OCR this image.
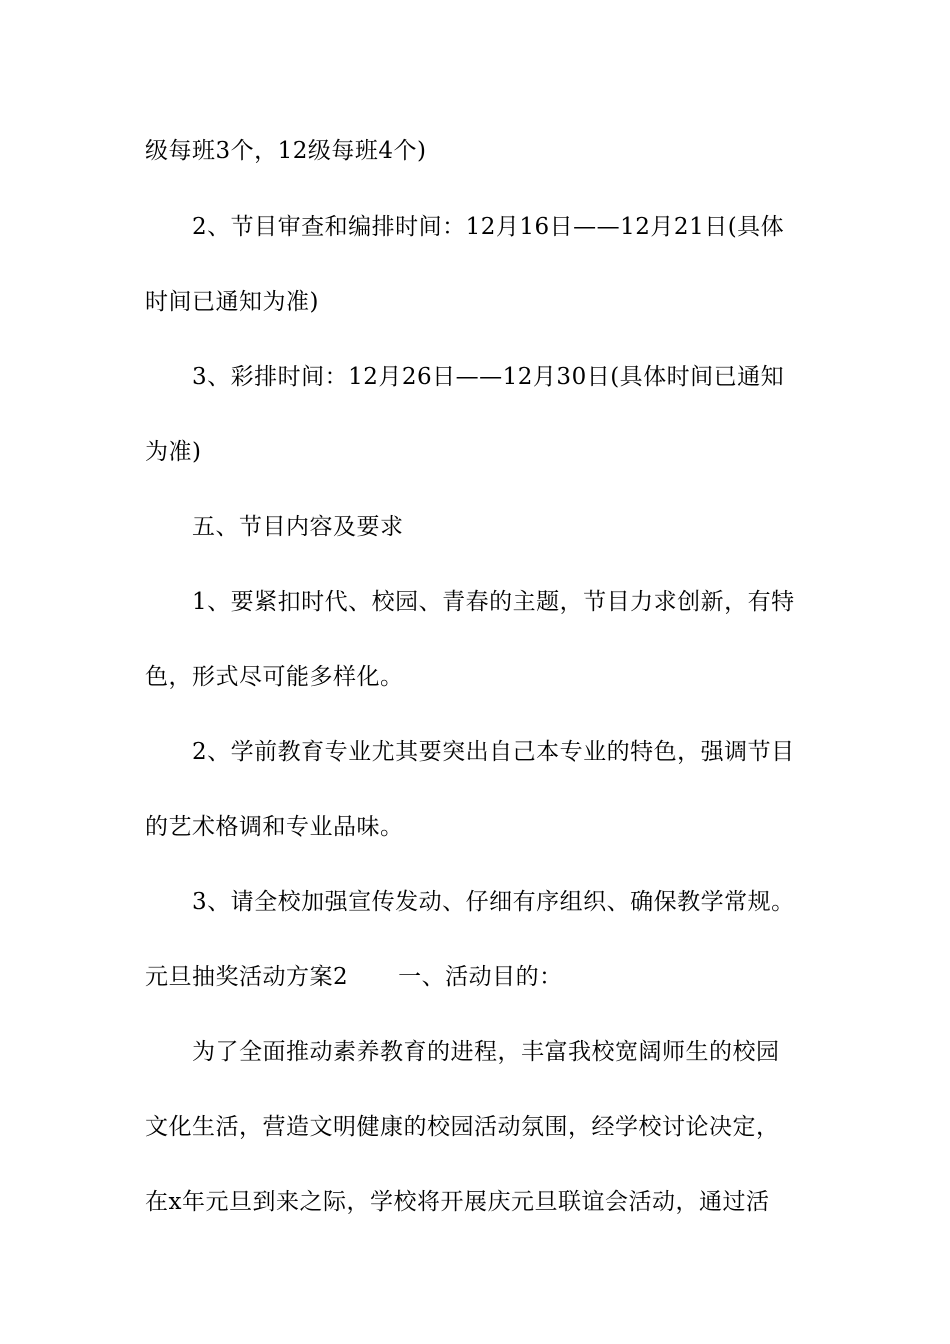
级每班3个，12级每班4个)
2、节目审查和编排时间：12月16日——12月21日(具体
时间已通知为准)
3、彩排时间：12月26日——12月30日(具体时间已通知
为准)
五、节目内容及要求
1、要紧扣时代、校园、青春的主题，节目力求创新，有特
色，形式尽可能多样化。
2、学前教育专业尤其要突出自己本专业的特色，强调节目
的艺术格调和专业品味。
3、请全校加强宣传发动、仔细有序组织、确保教学常规。
元旦抽奖活动方案2 一、活动目的：
为了全面推动素养教育的进程，丰富我校宽阔师生的校园
文化生活，营造文明健康的校园活动氛围，经学校讨论决定，
在x年元旦到来之际，学校将开展庆元旦联谊会活动，通过活
